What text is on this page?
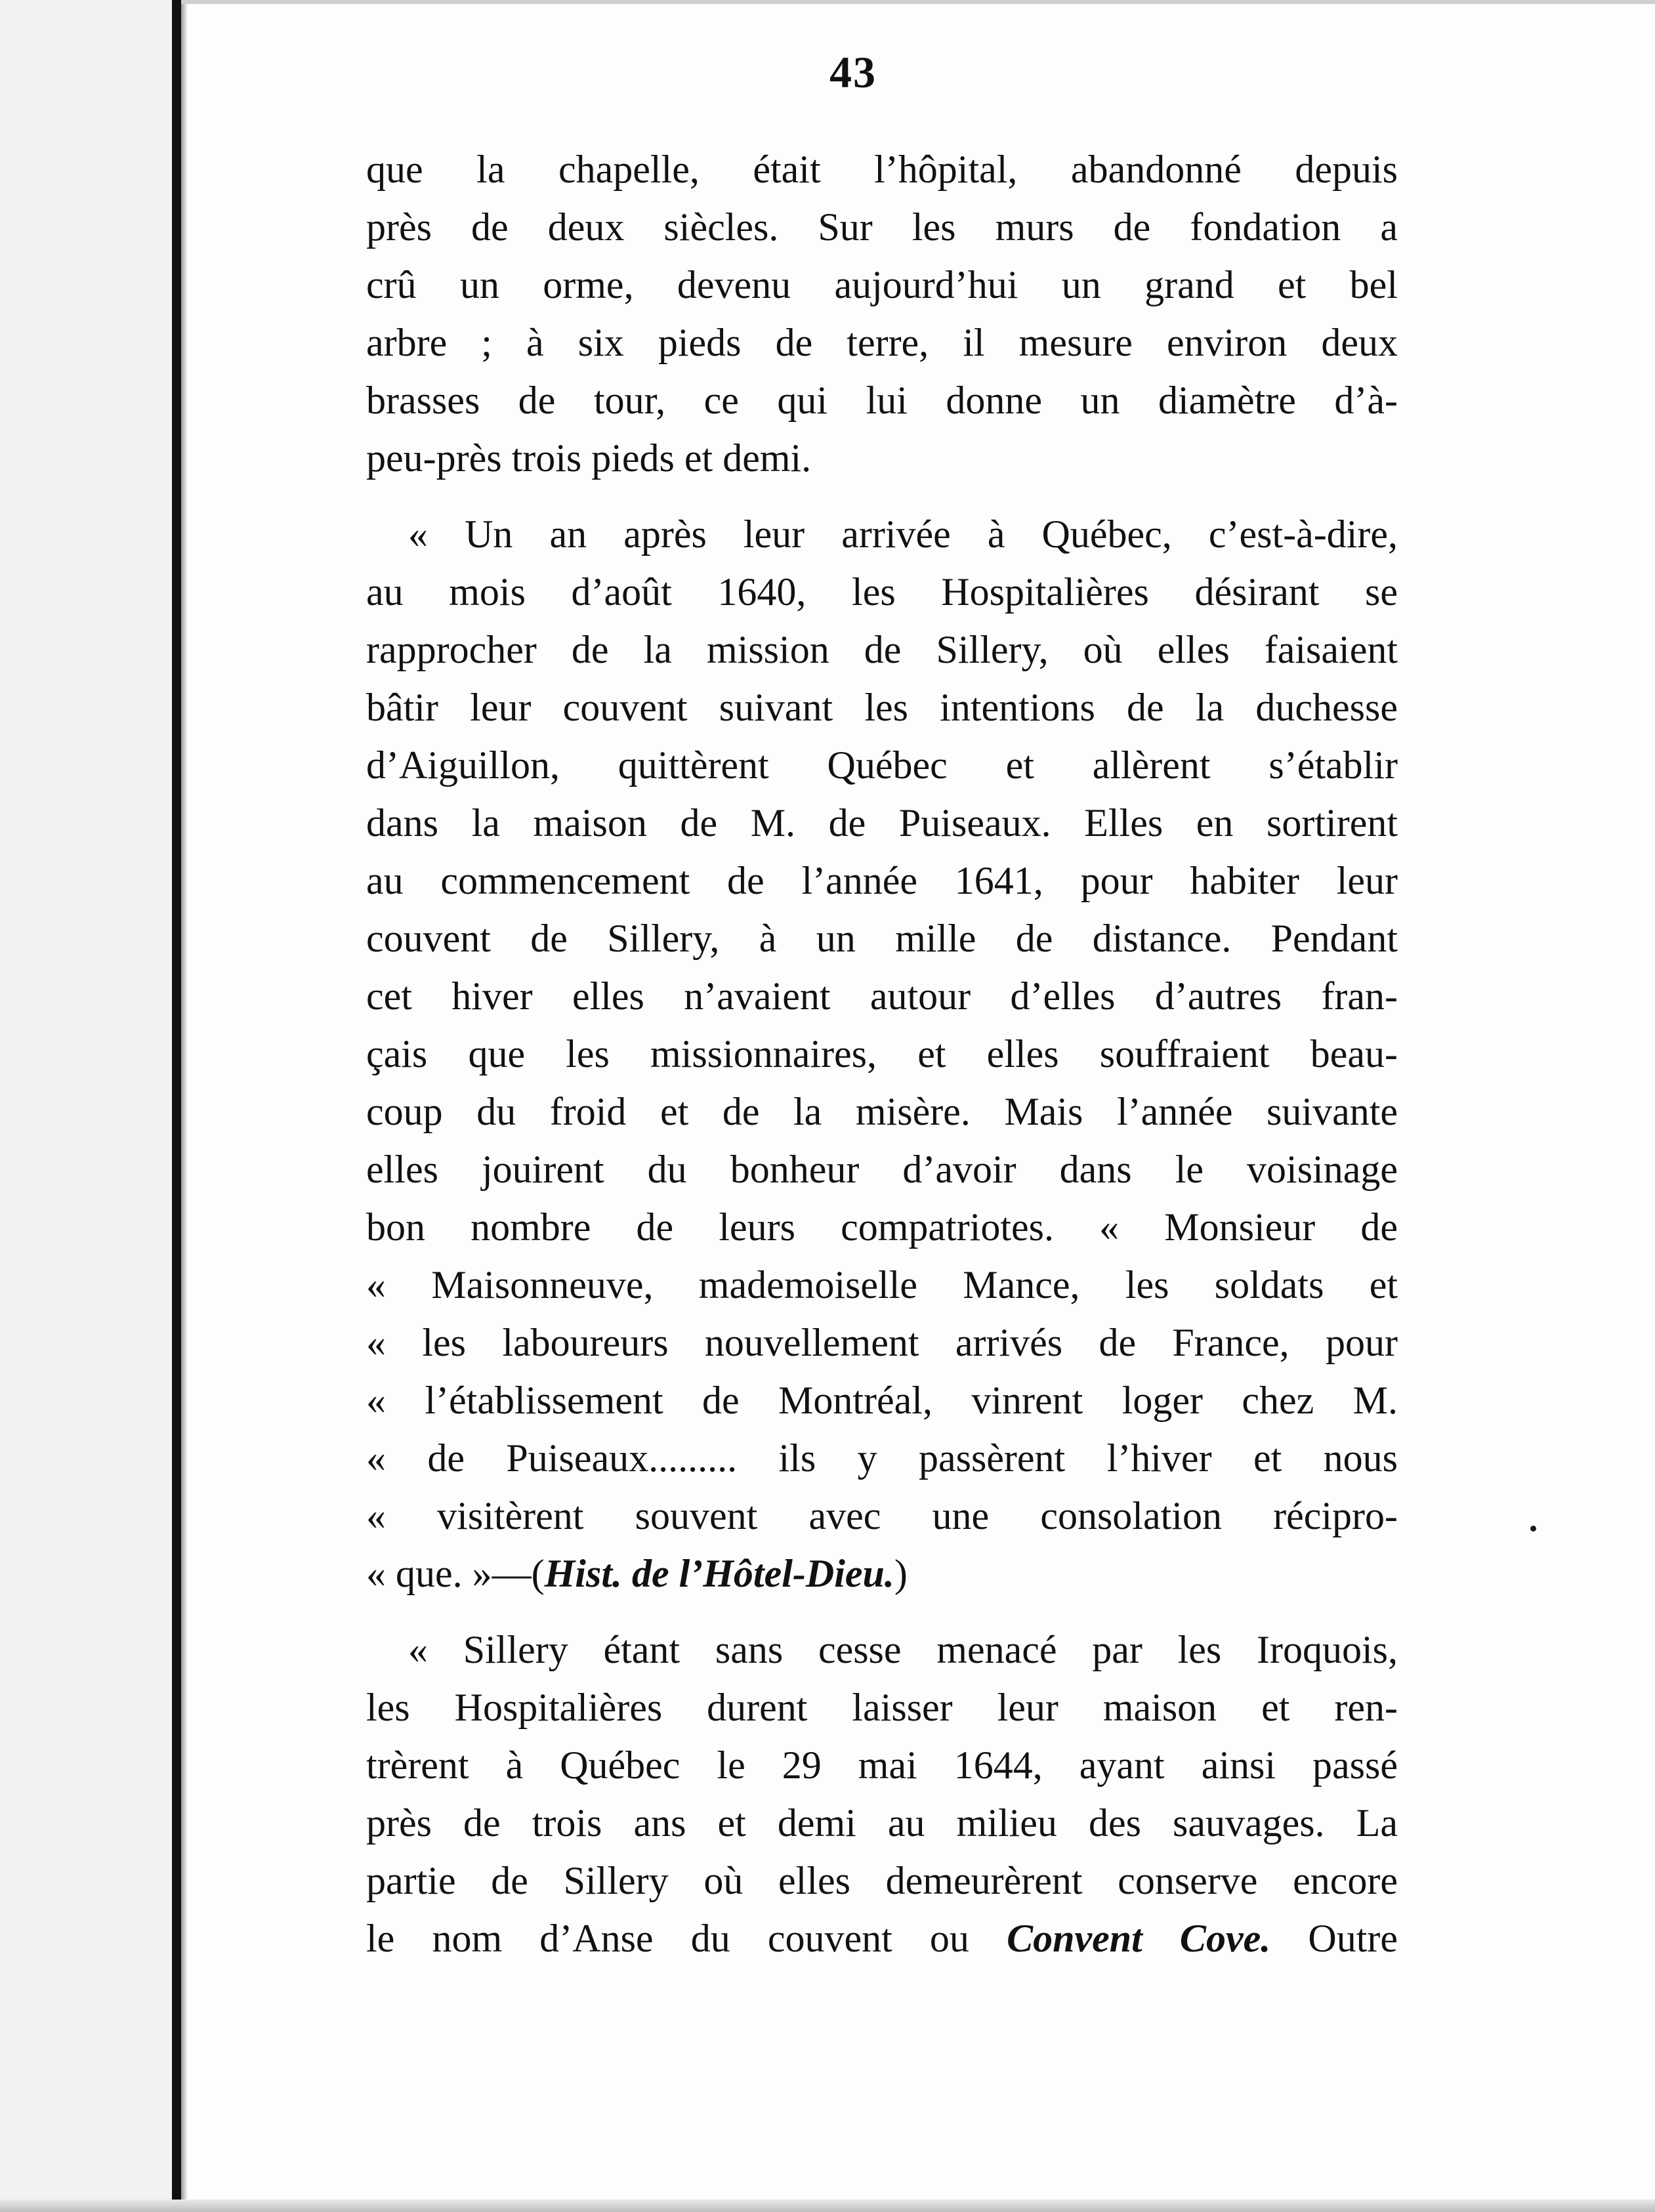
43
que la chapelle, était l’hôpital, abandonné depuis
près de deux siècles. Sur les murs de fondation a
crû un orme, devenu aujourd’hui un grand et bel
arbre ; à six pieds de terre, il mesure environ deux
brasses de tour, ce qui lui donne un diamètre d’à-
peu-près trois pieds et demi.
« Un an après leur arrivée à Québec, c’est-à-dire,
au mois d’août 1640, les Hospitalières désirant se
rapprocher de la mission de Sillery, où elles faisaient
bâtir leur couvent suivant les intentions de la duchesse
d’Aiguillon, quittèrent Québec et allèrent s’établir
dans la maison de M. de Puiseaux. Elles en sortirent
au commencement de l’année 1641, pour habiter leur
couvent de Sillery, à un mille de distance. Pendant
cet hiver elles n’avaient autour d’elles d’autres fran-
çais que les missionnaires, et elles souffraient beau-
coup du froid et de la misère. Mais l’année suivante
elles jouirent du bonheur d’avoir dans le voisinage
bon nombre de leurs compatriotes. « Monsieur de
« Maisonneuve, mademoiselle Mance, les soldats et
« les laboureurs nouvellement arrivés de France, pour
« l’établissement de Montréal, vinrent loger chez M.
« de Puiseaux......... ils y passèrent l’hiver et nous
« visitèrent souvent avec une consolation récipro-
« que. »—(Hist. de l’Hôtel-Dieu.)
« Sillery étant sans cesse menacé par les Iroquois,
les Hospitalières durent laisser leur maison et ren-
trèrent à Québec le 29 mai 1644, ayant ainsi passé
près de trois ans et demi au milieu des sauvages. La
partie de Sillery où elles demeurèrent conserve encore
le nom d’Anse du couvent ou Convent Cove. Outre
